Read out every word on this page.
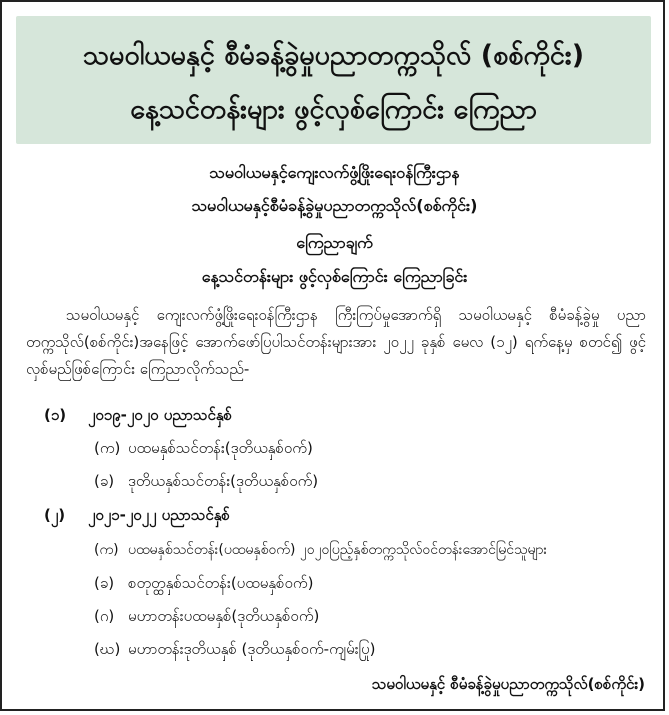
သမဝါယမနှင့် စီမံခန့်ခွဲမှုပညာတက္ကသိုလ် (စစ်ကိုင်း)
နေ့သင်တန်းများ ဖွင့်လှစ်ကြောင်း ကြေညာ
သမဝါယမနှင့်ကျေးလက်ဖွံ့ဖြိုးရေးဝန်ကြီးဌာန
သမဝါယမနှင့်စီမံခန့်ခွဲမှုပညာတက္ကသိုလ်(စစ်ကိုင်း)
ကြေညာချက်
နေ့သင်တန်းများ ဖွင့်လှစ်ကြောင်း ကြေညာခြင်း
သမဝါယမနှင့် ကျေးလက်ဖွံ့ဖြိုးရေးဝန်ကြီးဌာန ကြီးကြပ်မှုအောက်ရှိ သမဝါယမနှင့် စီမံခန့်ခွဲမှု ပညာတက္ကသိုလ်(စစ်ကိုင်း)အနေဖြင့် အောက်ဖော်ပြပါသင်တန်းများအား ၂၀၂၂ ခုနှစ် မေလ (၁၂) ရက်နေ့မှ စတင်၍ ဖွင့်လှစ်မည်ဖြစ်ကြောင်း ကြေညာလိုက်သည်-
(၁) ၂၀၁၉-၂၀၂၀ ပညာသင်နှစ်
(က) ပထမနှစ်သင်တန်း(ဒုတိယနှစ်ဝက်)
(ခ) ဒုတိယနှစ်သင်တန်း(ဒုတိယနှစ်ဝက်)
(၂) ၂၀၂၁-၂၀၂၂ ပညာသင်နှစ်
(က) ပထမနှစ်သင်တန်း(ပထမနှစ်ဝက်) ၂၀၂၀ပြည့်နှစ်တက္ကသိုလ်ဝင်တန်းအောင်မြင်သူများ
(ခ) စတုတ္ထနှစ်သင်တန်း(ပထမနှစ်ဝက်)
(ဂ) မဟာတန်းပထမနှစ်(ဒုတိယနှစ်ဝက်)
(ဃ) မဟာတန်းဒုတိယနှစ် (ဒုတိယနှစ်ဝက်-ကျမ်းပြု)
သမဝါယမနှင့် စီမံခန့်ခွဲမှုပညာတက္ကသိုလ်(စစ်ကိုင်း)
